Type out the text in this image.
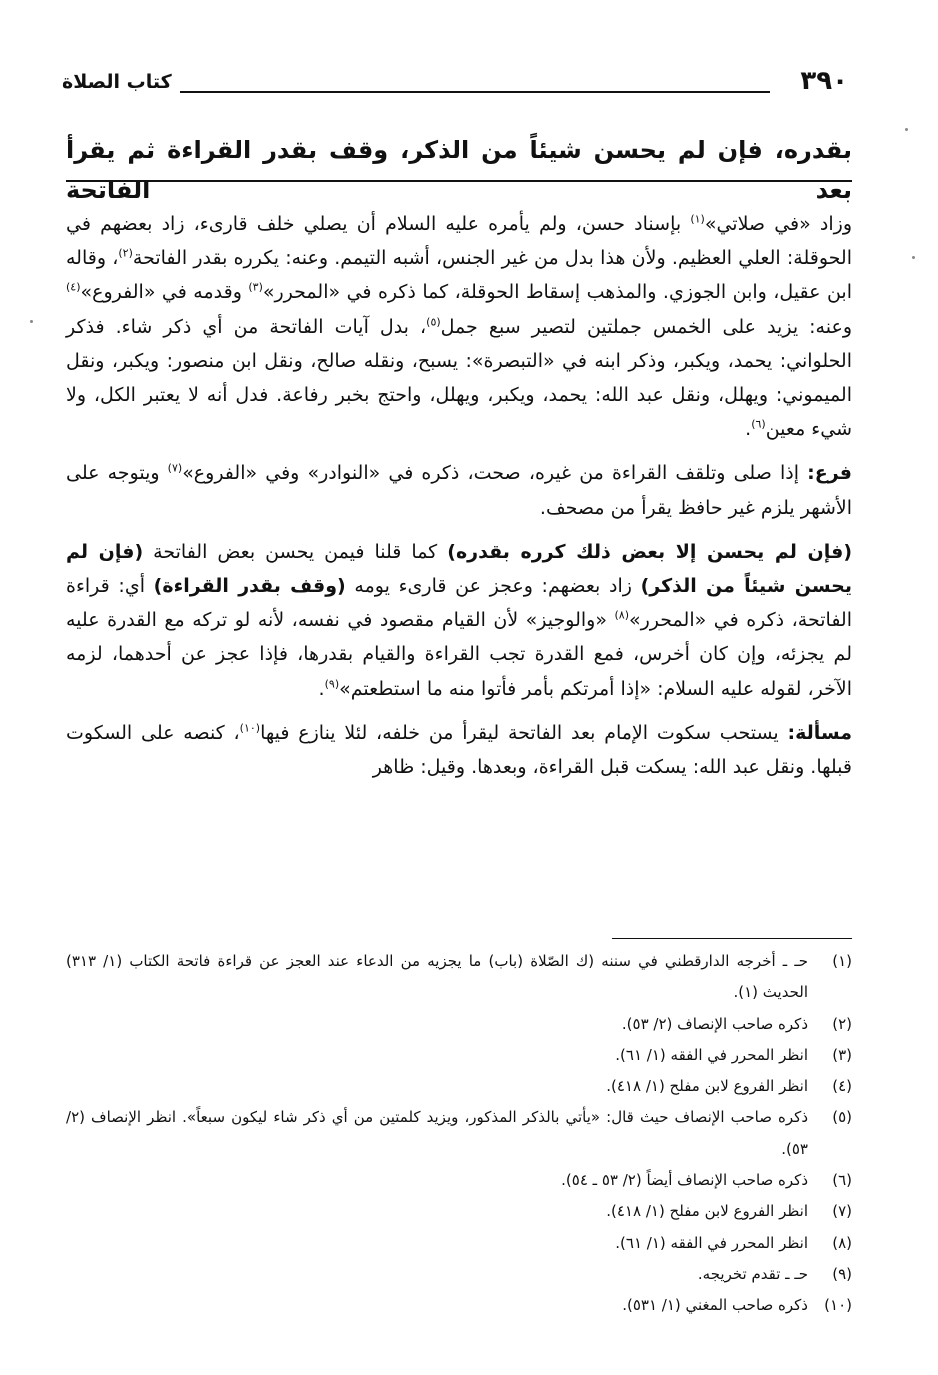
٣٩٠
كتاب الصلاة
بقدره، فإن لم يحسن شيئاً من الذكر، وقف بقدر القراءة ثم يقرأ بعد الفاتحة

وزاد «في صلاتي»$^{(١)}$ بإسناد حسن، ولم يأمره عليه السلام أن يصلي خلف قارىء، زاد بعضهم في الحوقلة: العلي العظيم. ولأن هذا بدل من غير الجنس، أشبه التيمم. وعنه: يكرره بقدر الفاتحة$^{(٢)}$، وقاله ابن عقيل، وابن الجوزي. والمذهب إسقاط الحوقلة، كما ذكره في «المحرر»$^{(٣)}$ وقدمه في «الفروع»$^{(٤)}$ وعنه: يزيد على الخمس جملتين لتصير سبع جمل$^{(٥)}$، بدل آيات الفاتحة من أي ذكر شاء. فذكر الحلواني: يحمد، ويكبر، وذكر ابنه في «التبصرة»: يسبح، ونقله صالح، ونقل ابن منصور: ويكبر، ونقل الميموني: ويهلل، ونقل عبد الله: يحمد، ويكبر، ويهلل، واحتج بخبر رفاعة. فدل أنه لا يعتبر الكل، ولا شيء معين$^{(٦)}$.

فرع: إذا صلى وتلقف القراءة من غيره، صحت، ذكره في «النوادر» وفي «الفروع»$^{(٧)}$ ويتوجه على الأشهر يلزم غير حافظ يقرأ من مصحف.

(فإن لم يحسن إلا بعض ذلك كرره بقدره) كما قلنا فيمن يحسن بعض الفاتحة (فإن لم يحسن شيئاً من الذكر) زاد بعضهم: وعجز عن قارىء يومه (وقف بقدر القراءة) أي: قراءة الفاتحة، ذكره في «المحرر»$^{(٨)}$ «والوجيز» لأن القيام مقصود في نفسه، لأنه لو تركه مع القدرة عليه لم يجزئه، وإن كان أخرس، فمع القدرة تجب القراءة والقيام بقدرها، فإذا عجز عن أحدهما، لزمه الآخر، لقوله عليه السلام: «إذا أمرتكم بأمر فأتوا منه ما استطعتم»$^{(٩)}$.

مسألة: يستحب سكوت الإمام بعد الفاتحة ليقرأ من خلفه، لئلا ينازع فيها$^{(١٠)}$، كنصه على السكوت قبلها. ونقل عبد الله: يسكت قبل القراءة، وبعدها. وقيل: ظاهر

(١)
حـ ـ أخرجه الدارقطني في سننه (ك الصّلاة (باب) ما يجزيه من الدعاء عند العجز عن قراءة فاتحة الكتاب (١/ ٣١٣) الحديث (١).
(٢)
ذكره صاحب الإنصاف (٢/ ٥٣).
(٣)
انظر المحرر في الفقه (١/ ٦١).
(٤)
انظر الفروع لابن مفلح (١/ ٤١٨).
(٥)
ذكره صاحب الإنصاف حيث قال: «يأتي بالذكر المذكور، ويزيد كلمتين من أي ذكر شاء ليكون سبعاً». انظر الإنصاف (٢/ ٥٣).
(٦)
ذكره صاحب الإنصاف أيضاً (٢/ ٥٣ ـ ٥٤).
(٧)
انظر الفروع لابن مفلح (١/ ٤١٨).
(٨)
انظر المحرر في الفقه (١/ ٦١).
(٩)
حـ ـ تقدم تخريجه.
(١٠)
ذكره صاحب المغني (١/ ٥٣١).
